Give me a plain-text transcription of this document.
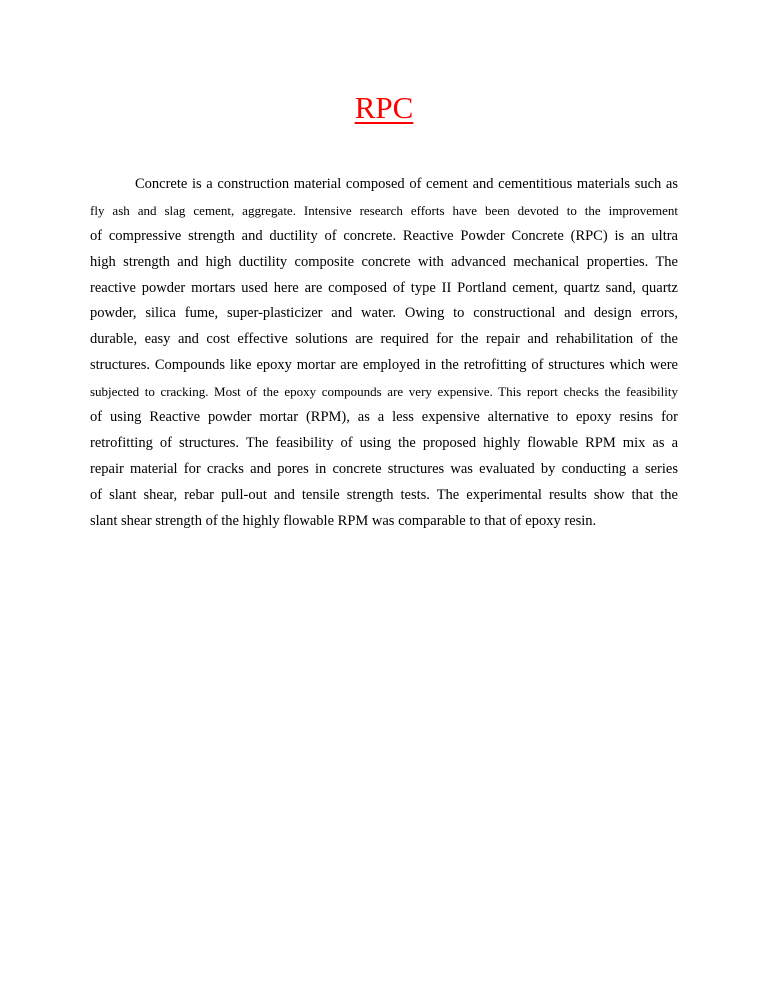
RPC
Concrete is a construction material composed of cement and cementitious materials such as
fly ash and slag cement, aggregate. Intensive research efforts have been devoted to the improvement
of compressive strength and ductility of concrete. Reactive Powder Concrete (RPC) is an ultra
high strength and high ductility composite concrete with advanced mechanical properties. The
reactive powder mortars used here are composed of type II Portland cement, quartz sand, quartz
powder, silica fume, super-plasticizer and water. Owing to constructional and design errors,
durable, easy and cost effective solutions are required for the repair and rehabilitation of the
structures. Compounds like epoxy mortar are employed in the retrofitting of structures which were
subjected to cracking. Most of the epoxy compounds are very expensive. This report checks the feasibility
of using Reactive powder mortar (RPM), as a less expensive alternative to epoxy resins for
retrofitting of structures. The feasibility of using the proposed highly flowable RPM mix as a
repair material for cracks and pores in concrete structures was evaluated by conducting a series
of slant shear, rebar pull-out and tensile strength tests. The experimental results show that the
slant shear strength of the highly flowable RPM was comparable to that of epoxy resin.
